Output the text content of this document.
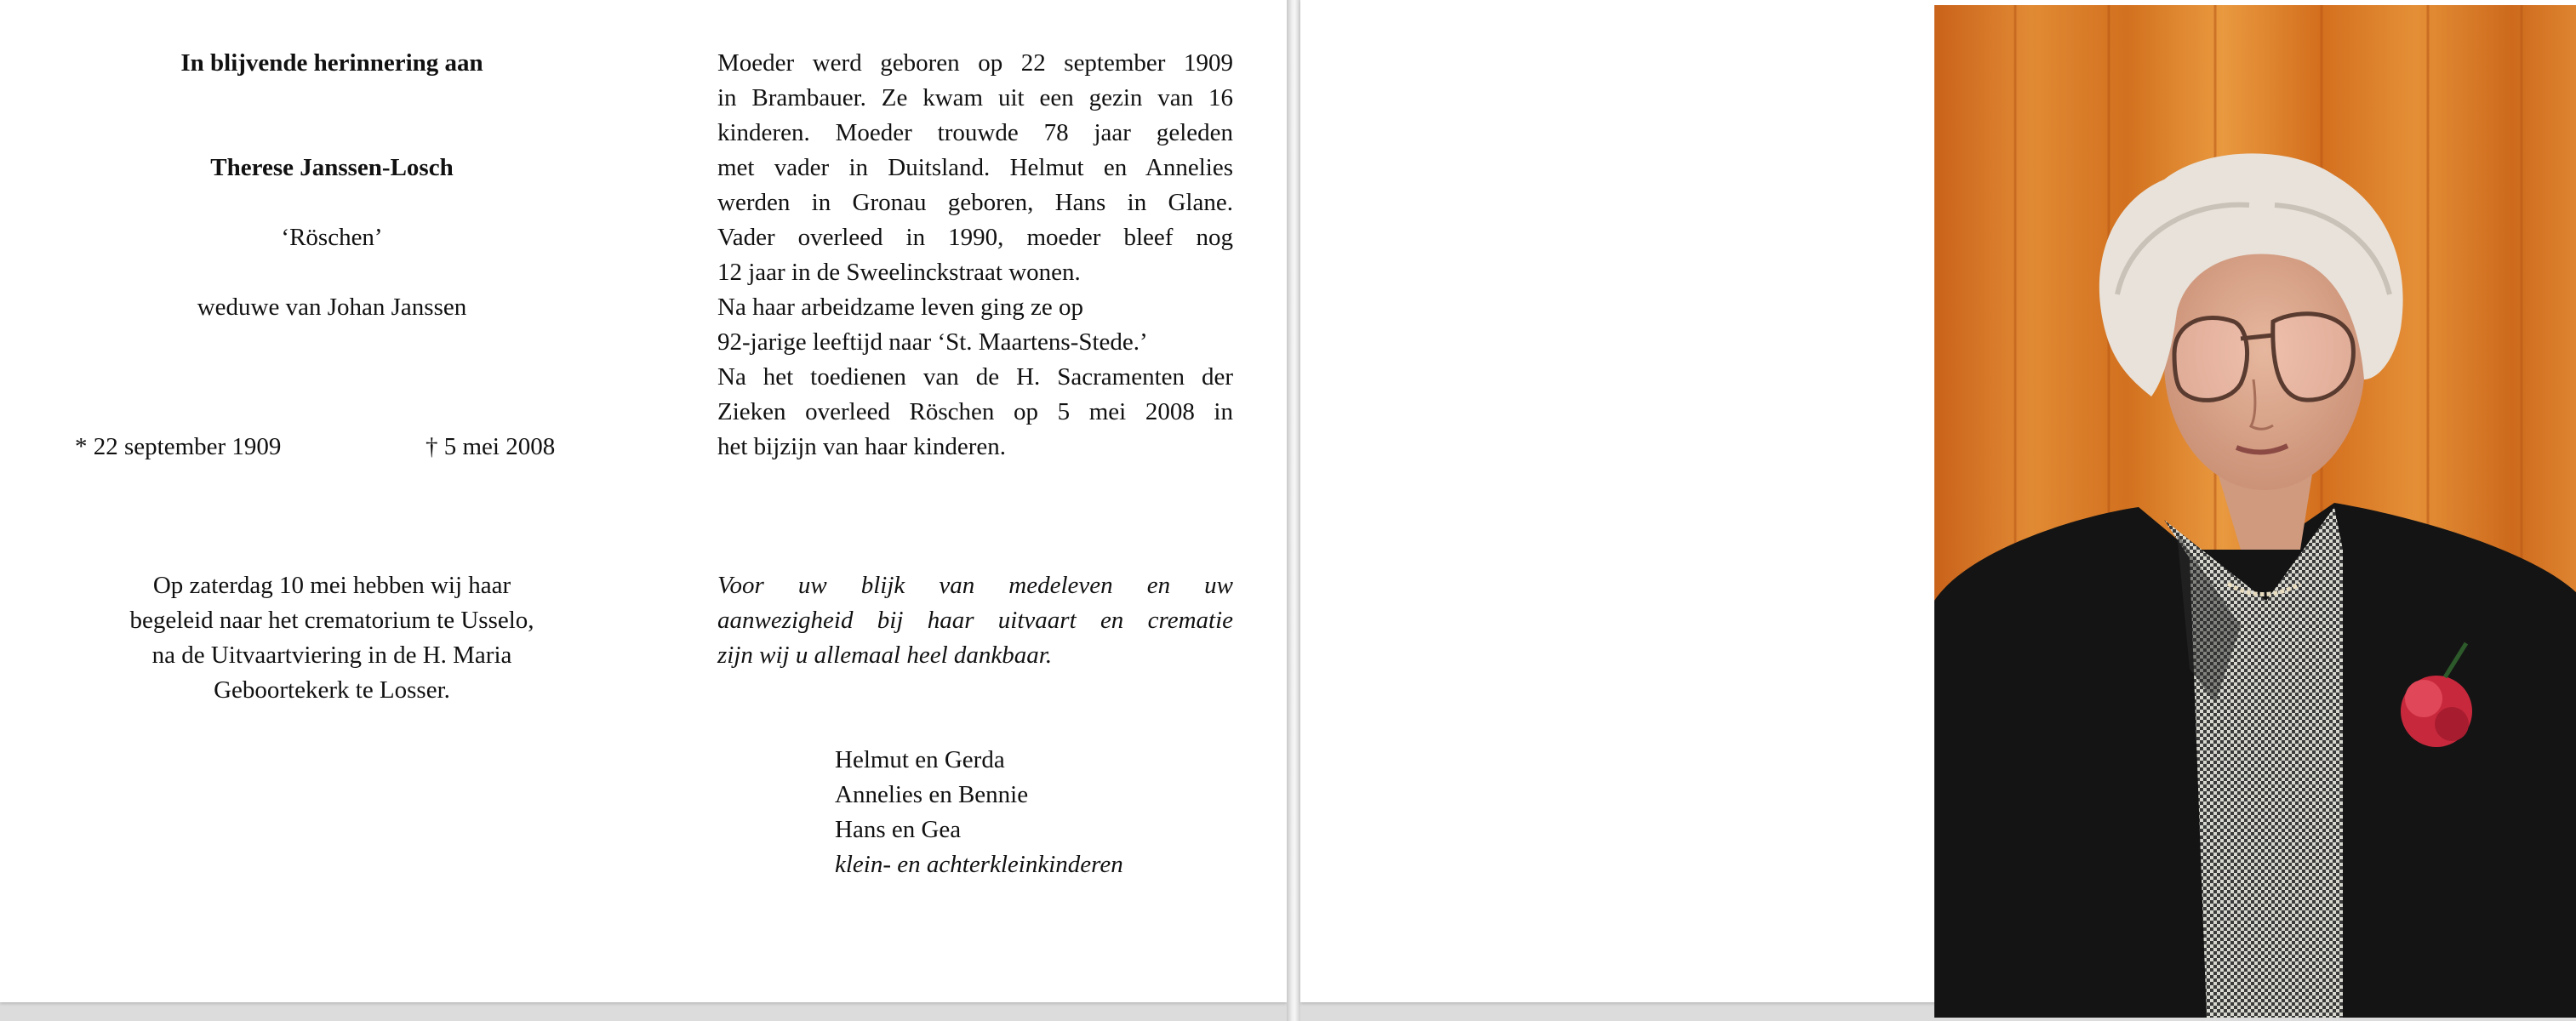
In blijvende herinnering aan
Therese Janssen-Losch
‘Röschen’
weduwe van Johan Janssen
* 22 september 1909	† 5 mei 2008
Op zaterdag 10 mei hebben wij haar
begeleid naar het crematorium te Usselo,
na de Uitvaartviering in de H. Maria
Geboortekerk te Losser.
Moeder werd geboren op 22 september 1909
in Brambauer. Ze kwam uit een gezin van 16
kinderen. Moeder trouwde 78 jaar geleden
met vader in Duitsland. Helmut en Annelies
werden in Gronau geboren, Hans in Glane.
Vader overleed in 1990, moeder bleef nog
12 jaar in de Sweelinckstraat wonen.
Na haar arbeidzame leven ging ze op
92-jarige leeftijd naar ‘St. Maartens-Stede.’
Na het toedienen van de H. Sacramenten der
Zieken overleed Röschen op 5 mei 2008 in
het bijzijn van haar kinderen.
Voor uw blijk van medeleven en uw
aanwezigheid bij haar uitvaart en crematie
zijn wij u allemaal heel dankbaar.
Helmut en Gerda
Annelies en Bennie
Hans en Gea
klein- en achterkleinkinderen
